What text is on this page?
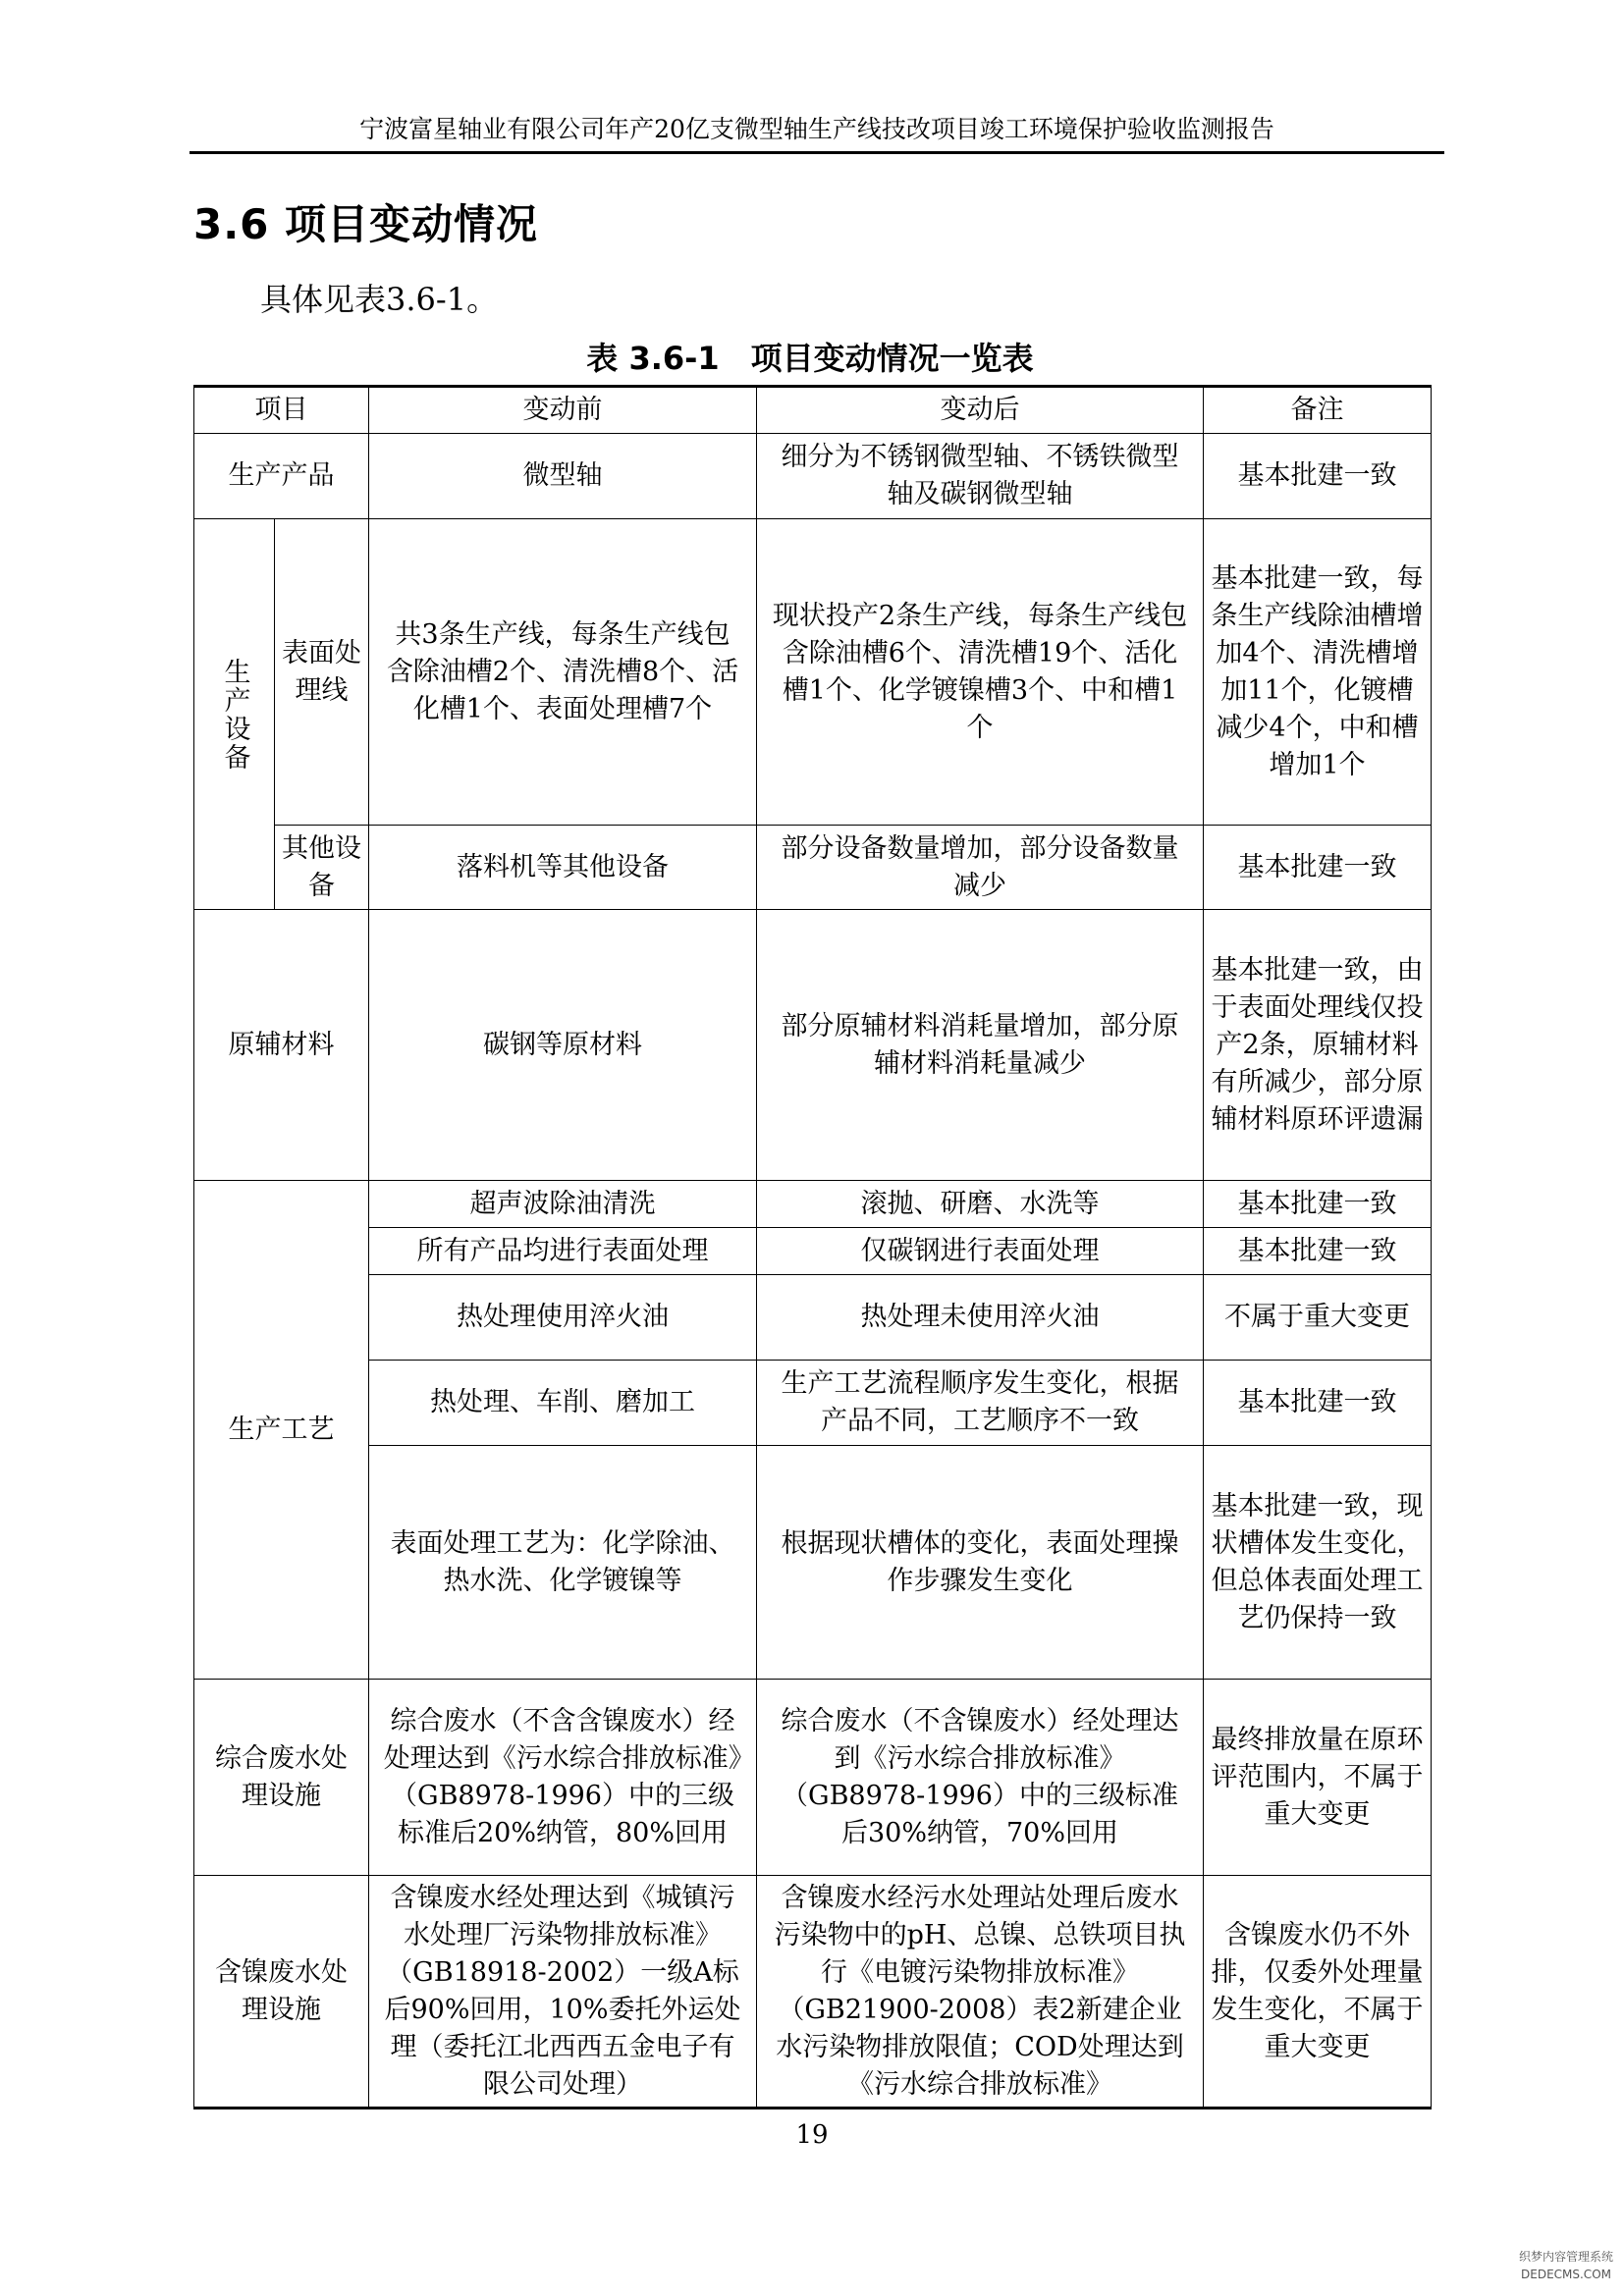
宁波富星轴业有限公司年产20亿支微型轴生产线技改项目竣工环境保护验收监测报告
3.6 项目变动情况
具体见表3.6-1。
表 3.6-1　项目变动情况一览表
项目		变动前	变动后	备注
生产产品		微型轴	细分为不锈钢微型轴、不锈铁微型轴及碳钢微型轴	基本批建一致
生产设备	表面处理线	共3条生产线，每条生产线包含除油槽2个、清洗槽8个、活化槽1个、表面处理槽7个	现状投产2条生产线，每条生产线包含除油槽6个、清洗槽19个、活化槽1个、化学镀镍槽3个、中和槽1个	基本批建一致，每条生产线除油槽增加4个、清洗槽增加11个，化镀槽减少4个，中和槽增加1个
	其他设备	落料机等其他设备	部分设备数量增加，部分设备数量减少	基本批建一致
原辅材料		碳钢等原材料	部分原辅材料消耗量增加，部分原辅材料消耗量减少	基本批建一致，由于表面处理线仅投产2条，原辅材料有所减少，部分原辅材料原环评遗漏
生产工艺		超声波除油清洗	滚抛、研磨、水洗等	基本批建一致
		所有产品均进行表面处理	仅碳钢进行表面处理	基本批建一致
		热处理使用淬火油	热处理未使用淬火油	不属于重大变更
		热处理、车削、磨加工	生产工艺流程顺序发生变化，根据产品不同，工艺顺序不一致	基本批建一致
		表面处理工艺为：化学除油、热水洗、化学镀镍等	根据现状槽体的变化，表面处理操作步骤发生变化	基本批建一致，现状槽体发生变化，但总体表面处理工艺仍保持一致
综合废水处理设施		综合废水（不含含镍废水）经处理达到《污水综合排放标准》（GB8978-1996）中的三级标准后20%纳管，80%回用	综合废水（不含镍废水）经处理达到《污水综合排放标准》（GB8978-1996）中的三级标准后30%纳管，70%回用	最终排放量在原环评范围内，不属于重大变更
含镍废水处理设施		含镍废水经处理达到《城镇污水处理厂污染物排放标准》（GB18918-2002）一级A标后90%回用，10%委托外运处理（委托江北西西五金电子有限公司处理）	含镍废水经污水处理站处理后废水污染物中的pH、总镍、总铁项目执行《电镀污染物排放标准》（GB21900-2008）表2新建企业水污染物排放限值；COD处理达到《污水综合排放标准》	含镍废水仍不外排，仅委外处理量发生变化，不属于重大变更
19
织梦内容管理系统
DEDECMS.COM
